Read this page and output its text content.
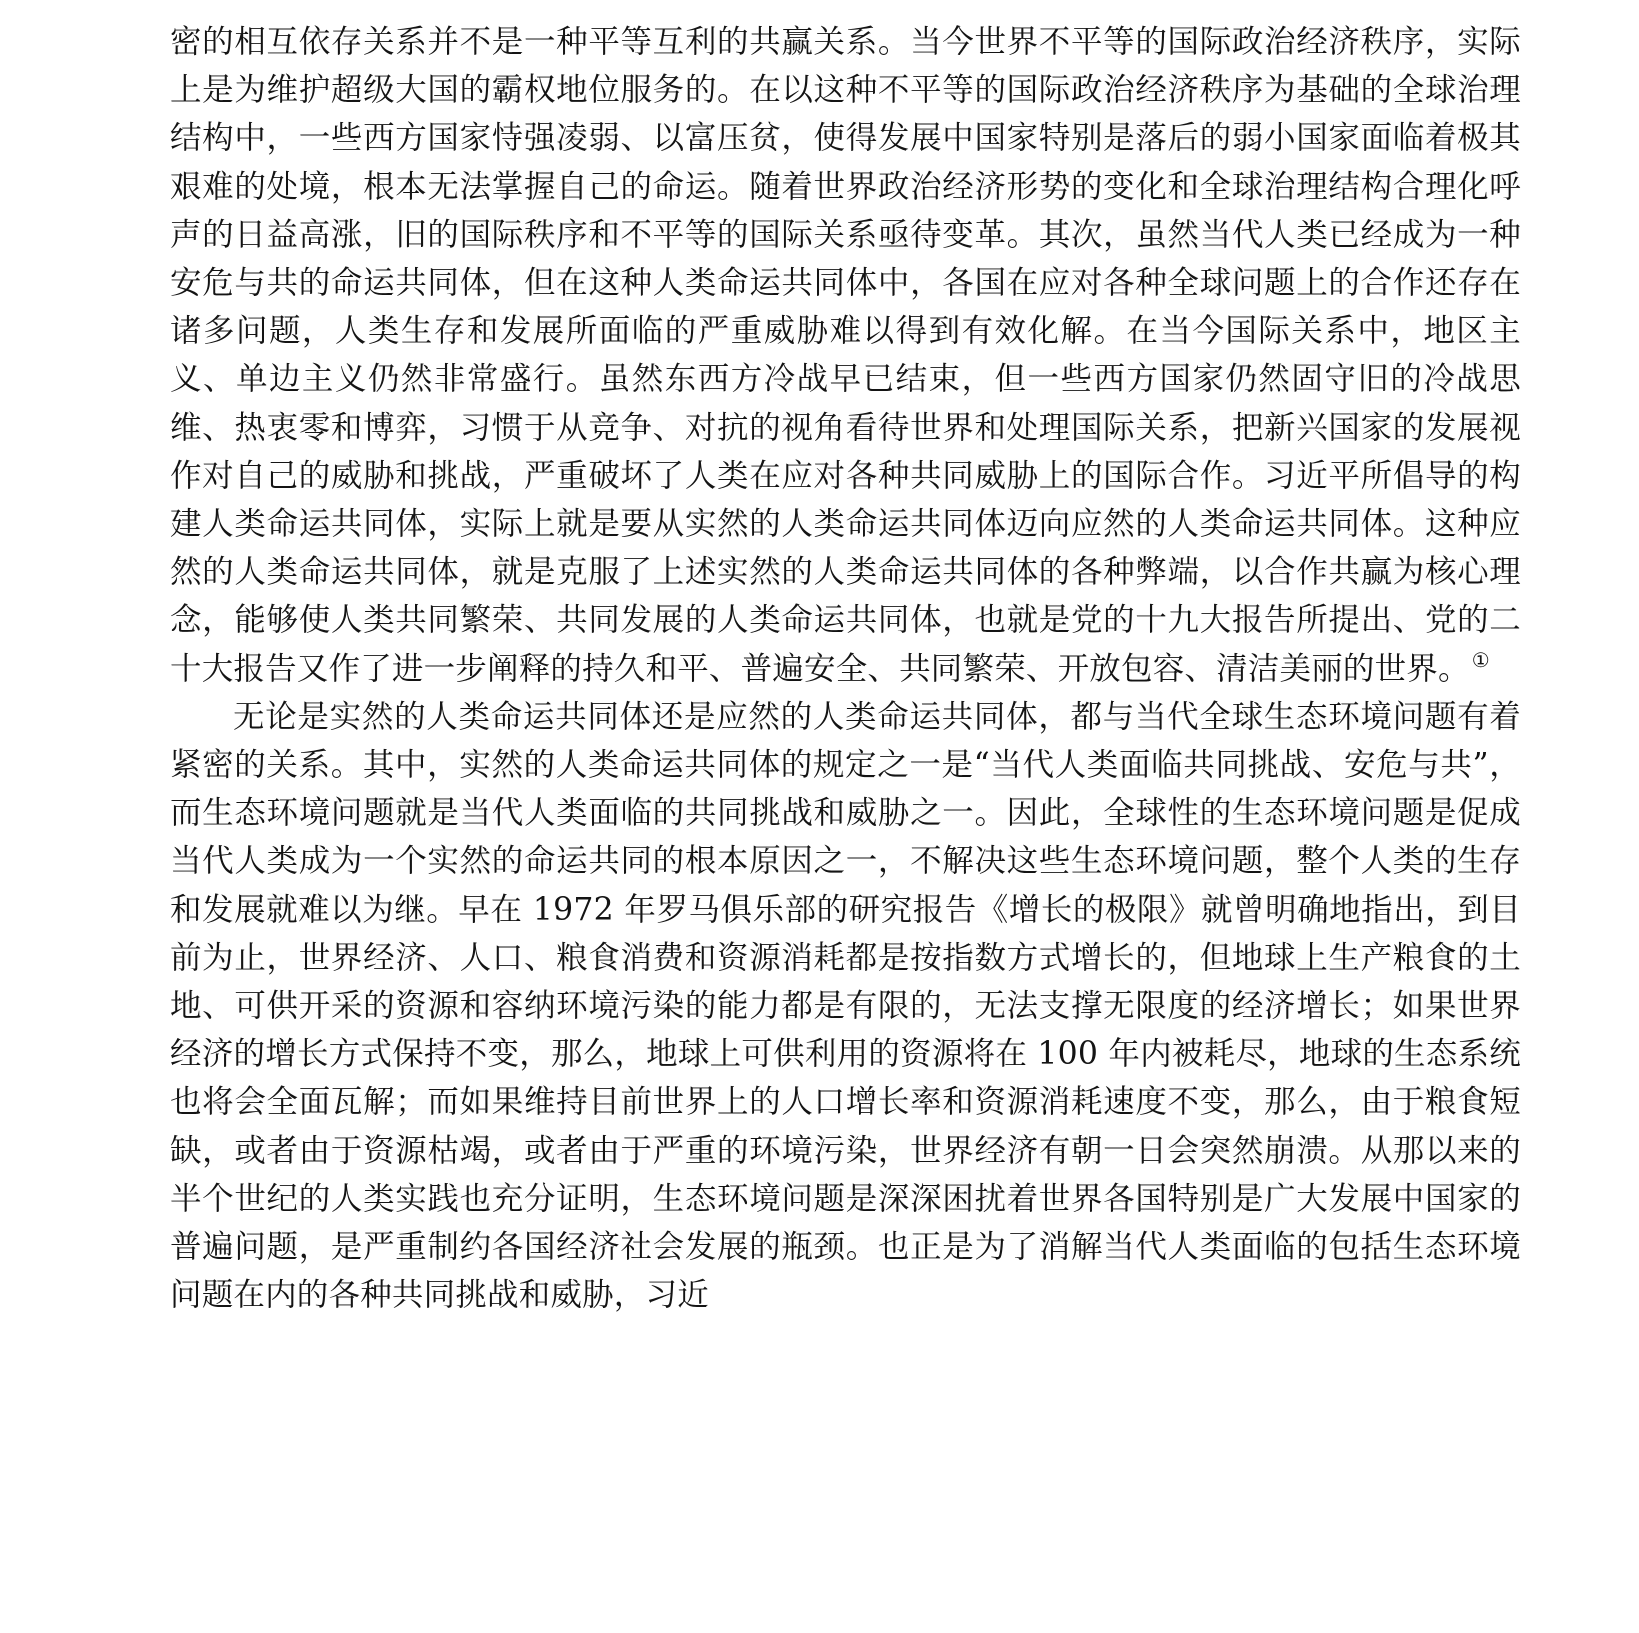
密的相互依存关系并不是一种平等互利的共赢关系。当今世界不平等的国际政治经济秩序，实际上是为维护超级大国的霸权地位服务的。在以这种不平等的国际政治经济秩序为基础的全球治理结构中，一些西方国家恃强凌弱、以富压贫，使得发展中国家特别是落后的弱小国家面临着极其艰难的处境，根本无法掌握自己的命运。随着世界政治经济形势的变化和全球治理结构合理化呼声的日益高涨，旧的国际秩序和不平等的国际关系亟待变革。其次，虽然当代人类已经成为一种安危与共的命运共同体，但在这种人类命运共同体中，各国在应对各种全球问题上的合作还存在诸多问题，人类生存和发展所面临的严重威胁难以得到有效化解。在当今国际关系中，地区主义、单边主义仍然非常盛行。虽然东西方冷战早已结束，但一些西方国家仍然固守旧的冷战思维、热衷零和博弈，习惯于从竞争、对抗的视角看待世界和处理国际关系，把新兴国家的发展视作对自己的威胁和挑战，严重破坏了人类在应对各种共同威胁上的国际合作。习近平所倡导的构建人类命运共同体，实际上就是要从实然的人类命运共同体迈向应然的人类命运共同体。这种应然的人类命运共同体，就是克服了上述实然的人类命运共同体的各种弊端，以合作共赢为核心理念，能够使人类共同繁荣、共同发展的人类命运共同体，也就是党的十九大报告所提出、党的二十大报告又作了进一步阐释的持久和平、普遍安全、共同繁荣、开放包容、清洁美丽的世界。 ①

无论是实然的人类命运共同体还是应然的人类命运共同体，都与当代全球生态环境问题有着紧密的关系。其中，实然的人类命运共同体的规定之一是“当代人类面临共同挑战、安危与共”，而生态环境问题就是当代人类面临的共同挑战和威胁之一。因此，全球性的生态环境问题是促成当代人类成为一个实然的命运共同的根本原因之一，不解决这些生态环境问题，整个人类的生存和发展就难以为继。早在 1972 年罗马俱乐部的研究报告《增长的极限》就曾明确地指出，到目前为止，世界经济、人口、粮食消费和资源消耗都是按指数方式增长的，但地球上生产粮食的土地、可供开采的资源和容纳环境污染的能力都是有限的，无法支撑无限度的经济增长；如果世界经济的增长方式保持不变，那么，地球上可供利用的资源将在 100 年内被耗尽，地球的生态系统也将会全面瓦解；而如果维持目前世界上的人口增长率和资源消耗速度不变，那么，由于粮食短缺，或者由于资源枯竭，或者由于严重的环境污染，世界经济有朝一日会突然崩溃。从那以来的半个世纪的人类实践也充分证明，生态环境问题是深深困扰着世界各国特别是广大发展中国家的普遍问题，是严重制约各国经济社会发展的瓶颈。也正是为了消解当代人类面临的包括生态环境问题在内的各种共同挑战和威胁，习近
